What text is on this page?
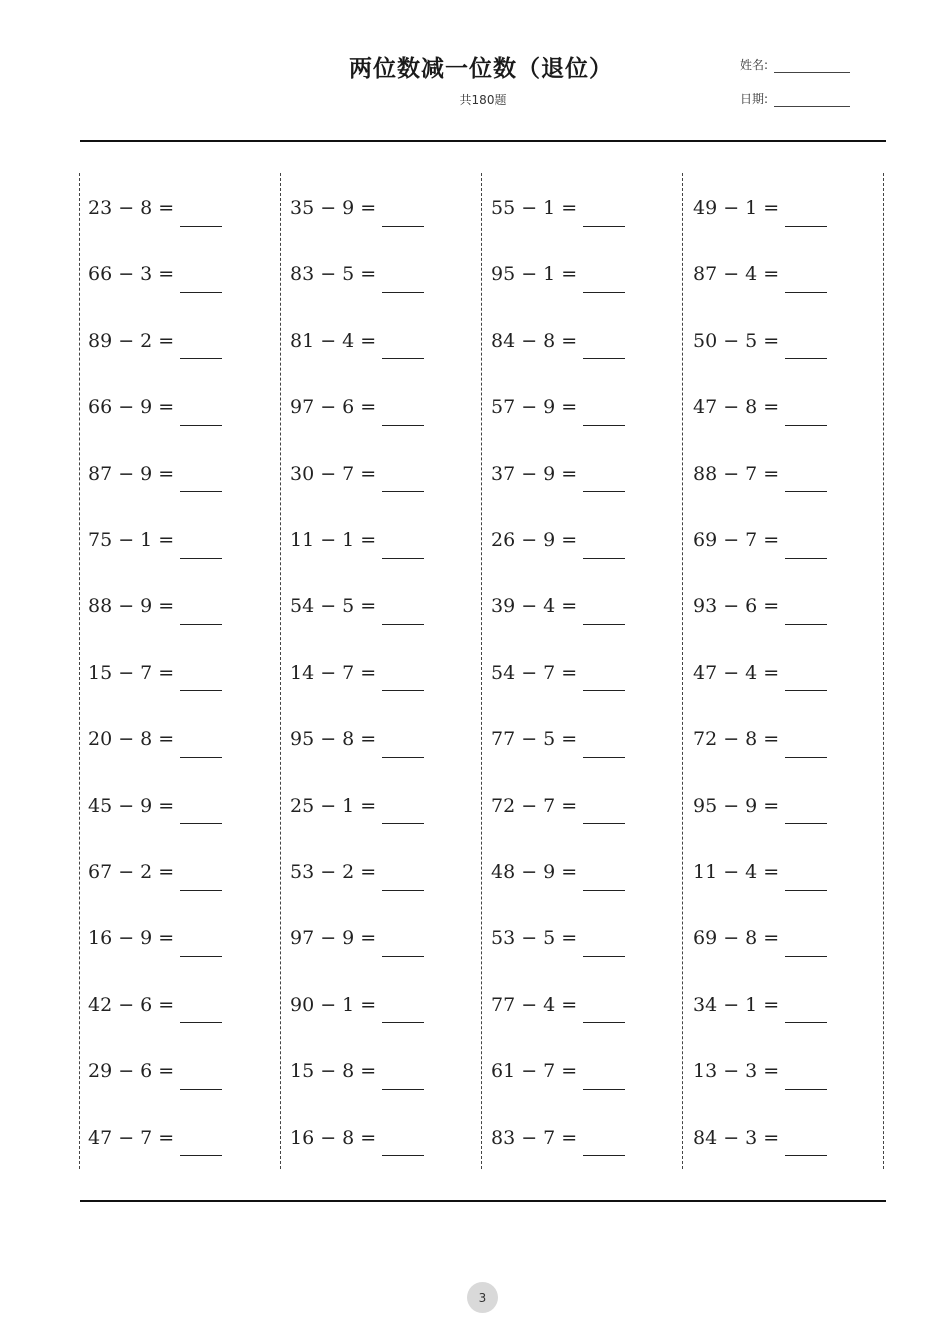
两位数减一位数（退位）
共180题
姓名:
日期:
23 − 8 =	35 − 9 =	55 − 1 =	49 − 1 =
66 − 3 =	83 − 5 =	95 − 1 =	87 − 4 =
89 − 2 =	81 − 4 =	84 − 8 =	50 − 5 =
66 − 9 =	97 − 6 =	57 − 9 =	47 − 8 =
87 − 9 =	30 − 7 =	37 − 9 =	88 − 7 =
75 − 1 =	11 − 1 =	26 − 9 =	69 − 7 =
88 − 9 =	54 − 5 =	39 − 4 =	93 − 6 =
15 − 7 =	14 − 7 =	54 − 7 =	47 − 4 =
20 − 8 =	95 − 8 =	77 − 5 =	72 − 8 =
45 − 9 =	25 − 1 =	72 − 7 =	95 − 9 =
67 − 2 =	53 − 2 =	48 − 9 =	11 − 4 =
16 − 9 =	97 − 9 =	53 − 5 =	69 − 8 =
42 − 6 =	90 − 1 =	77 − 4 =	34 − 1 =
29 − 6 =	15 − 8 =	61 − 7 =	13 − 3 =
47 − 7 =	16 − 8 =	83 − 7 =	84 − 3 =
3
